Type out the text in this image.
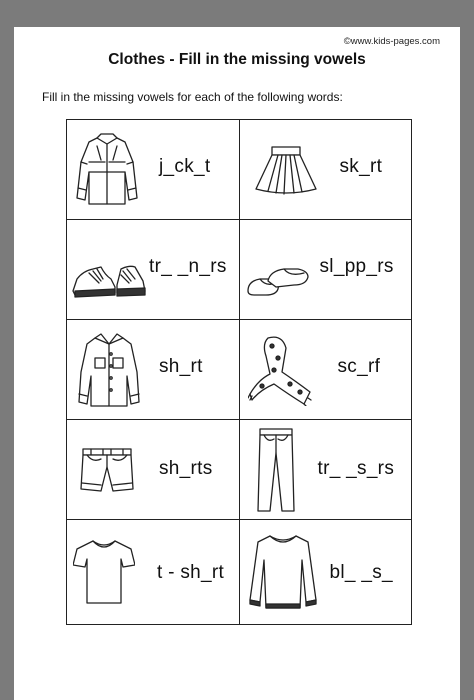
©www.kids-pages.com
Clothes - Fill in the missing vowels
Fill in the missing vowels for each of the following words:
j_ck_t	sk_rt
tr_ _n_rs	sl_pp_rs
sh_rt	sc_rf
sh_rts	tr_ _s_rs
t - sh_rt	bl_ _s_
